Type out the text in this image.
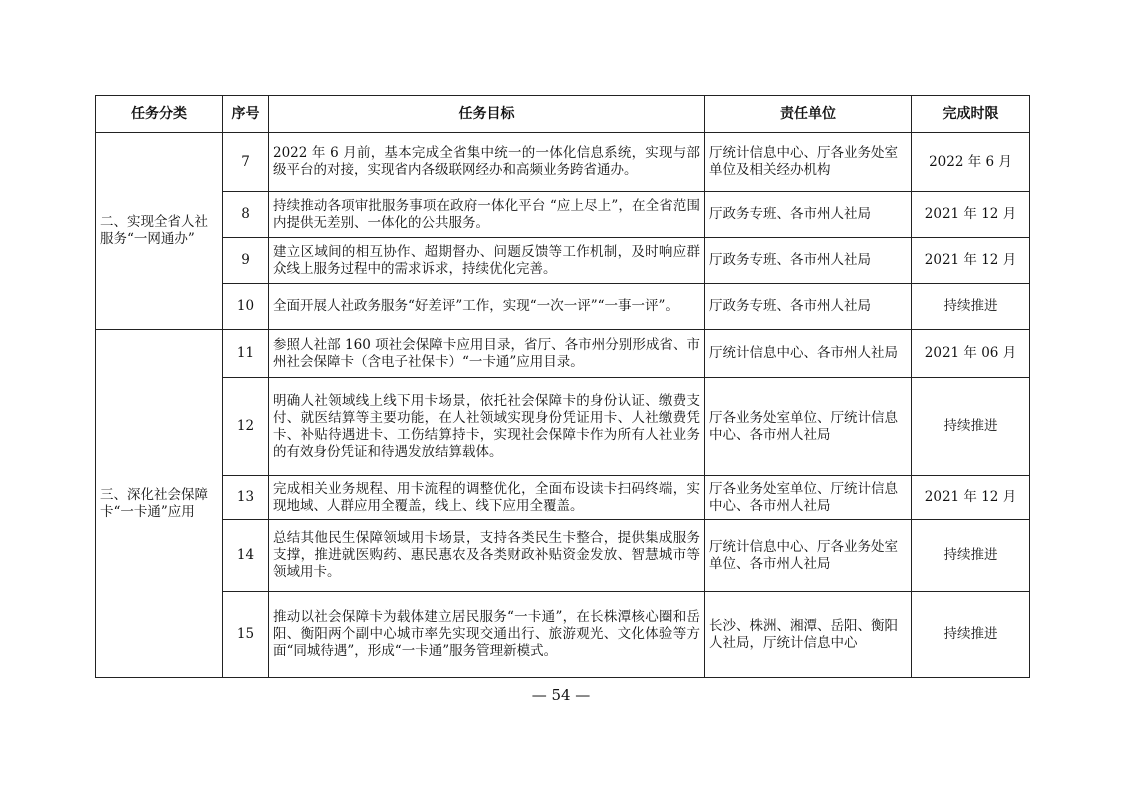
任务分类	序号	任务目标	责任单位	完成时限
二、实现全省人社服务“一网通办”	7	2022 年 6 月前，基本完成全省集中统一的一体化信息系统，实现与部级平台的对接，实现省内各级联网经办和高频业务跨省通办。	厅统计信息中心、厅各业务处室单位及相关经办机构	2022 年 6 月
	8	持续推动各项审批服务事项在政府一体化平台 “应上尽上”，在全省范围内提供无差别、一体化的公共服务。	厅政务专班、各市州人社局	2021 年 12 月
	9	建立区域间的相互协作、超期督办、问题反馈等工作机制，及时响应群众线上服务过程中的需求诉求，持续优化完善。	厅政务专班、各市州人社局	2021 年 12 月
	10	全面开展人社政务服务“好差评”工作，实现“一次一评”“一事一评”。	厅政务专班、各市州人社局	持续推进
三、深化社会保障卡“一卡通”应用	11	参照人社部 160 项社会保障卡应用目录，省厅、各市州分别形成省、市州社会保障卡（含电子社保卡）“一卡通”应用目录。	厅统计信息中心、各市州人社局	2021 年 06 月
	12	明确人社领域线上线下用卡场景，依托社会保障卡的身份认证、缴费支付、就医结算等主要功能，在人社领域实现身份凭证用卡、人社缴费凭卡、补贴待遇进卡、工伤结算持卡，实现社会保障卡作为所有人社业务的有效身份凭证和待遇发放结算载体。	厅各业务处室单位、厅统计信息中心、各市州人社局	持续推进
	13	完成相关业务规程、用卡流程的调整优化，全面布设读卡扫码终端，实现地域、人群应用全覆盖，线上、线下应用全覆盖。	厅各业务处室单位、厅统计信息中心、各市州人社局	2021 年 12 月
	14	总结其他民生保障领域用卡场景，支持各类民生卡整合，提供集成服务支撑，推进就医购药、惠民惠农及各类财政补贴资金发放、智慧城市等领域用卡。	厅统计信息中心、厅各业务处室单位、各市州人社局	持续推进
	15	推动以社会保障卡为载体建立居民服务“一卡通”，在长株潭核心圈和岳阳、衡阳两个副中心城市率先实现交通出行、旅游观光、文化体验等方面“同城待遇”，形成“一卡通”服务管理新模式。	长沙、株洲、湘潭、岳阳、衡阳人社局，厅统计信息中心	持续推进
— 54 —
